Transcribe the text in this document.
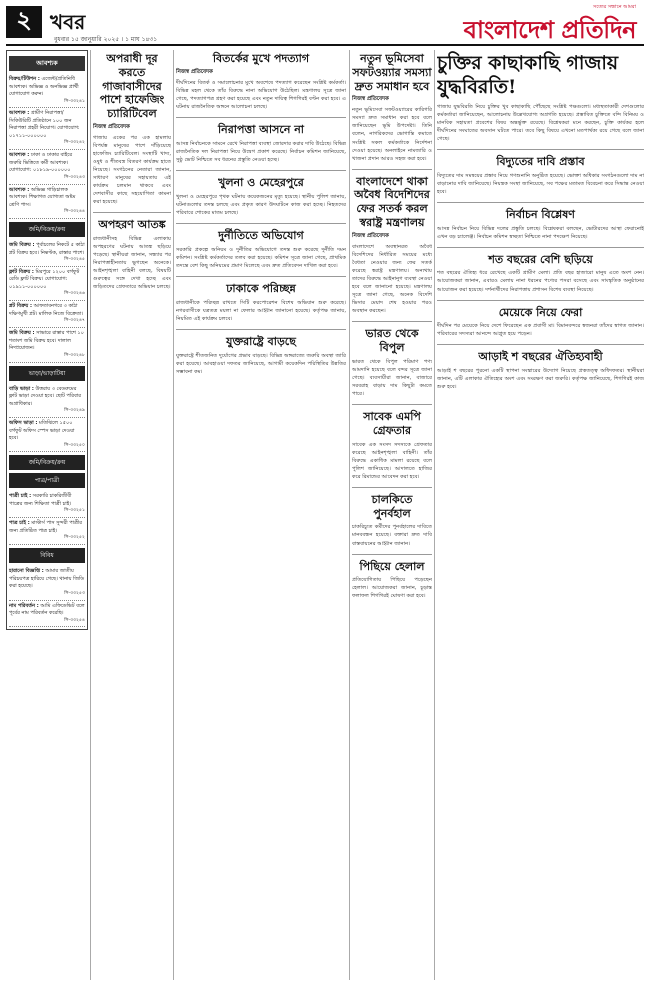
২ খবর
বুধবার ১৫ জানুয়ারি ২০২৫ । ১ মাঘ ১৪৩১
সত্যের সন্ধানে আমরা
বাংলাদেশ প্রতিদিন
আবশ্যক
বিক্রয়/টিউশন : এজেন্ট/প্রতিনিধি আবশ্যক। অভিজ্ঞ ও অনভিজ্ঞ প্রার্থী যোগাযোগ করুন।
সি-৩৩২৪১
আবশ্যক : গ্রামীণ নিরাপত্তা/সিকিউরিটি প্রতিষ্ঠানে ১০০ জন নিরাপত্তা প্রহরী নিয়োগ। যোগাযোগ: ০১৭১১-০০০০০০
সি-৩৩২৪২
আবশ্যক : ঢাকা ও ঢাকার বাইরে জরুরি ভিত্তিতে কর্মী আবশ্যক। যোগাযোগ: ০১৮১৯-০০০০০০
সি-৩৩২৪৩
আবশ্যক : অভিজ্ঞ গাড়িচালক আবশ্যক। শিক্ষাগত যোগ্যতা অষ্টম শ্রেণি পাস।
সি-৩৩২৪৪
জমি/বিক্রয়/ক্রয়
জমি বিক্রয় : পূর্বাচলের নিকটে ৫ কাঠা প্লট বিক্রয় হবে। নিষ্কণ্টক, রাস্তার পাশে।
সি-৩৩২৪৫
ফ্লাট বিক্রয় : মিরপুরে ১২০০ বর্গফুট রেডি ফ্লাট বিক্রয়। যোগাযোগ: ০১৯১১-০০০০০০
সি-৩৩২৪৬
প্লট বিক্রয় : আফতাবনগরে ৩ কাঠা দক্ষিণমুখী প্লট। মালিক নিজে বিক্রেতা।
সি-৩৩২৪৭
জমি বিক্রয় : সাভারে রাস্তার পাশে ১০ শতাংশ জমি বিক্রয় হবে। দালাল নিষ্প্রয়োজন।
সি-৩৩২৪৮
ভাড়া/ভাড়াটিয়া
বাড়ি ভাড়া : উত্তরায় ৩ বেডরুমের ফ্লাট ভাড়া দেওয়া হবে। ছোট পরিবার অগ্রাধিকার।
সি-৩৩২৪৯
অফিস ভাড়া : মতিঝিলে ১৫০০ বর্গফুট অফিস স্পেস ভাড়া দেওয়া হবে।
সি-৩৩২৫০
জমি/বিক্রয়/ক্রয়
পাত্র/পাত্রী
পাত্রী চাই : সরকারি চাকরিজীবী পাত্রের জন্য শিক্ষিতা পাত্রী চাই।
সি-৩৩২৫১
পাত্র চাই : মাস্টার্স পাস সুন্দরী পাত্রীর জন্য প্রতিষ্ঠিত পাত্র চাই।
সি-৩৩২৫২
বিবিধ
হারানো বিজ্ঞপ্তি : আমার জাতীয় পরিচয়পত্র হারিয়ে গেছে। থানায় জিডি করা হয়েছে।
সি-৩৩২৫৩
নাম পরিবর্তন : আমি এফিডেভিট বলে পূর্বের নাম পরিবর্তন করেছি।
সি-৩৩২৫৪
অপরাধী দূর করতে গাজাবাসীদের পাশে হাফেজিং চ্যারিটিবেল
নিজস্ব প্রতিবেদক
গাজায় একের পর এক হামলায় বিপর্যস্ত মানুষের পাশে দাঁড়িয়েছে হাফেজিং চ্যারিটিবেল। সংস্থাটি খাদ্য, ওষুধ ও শীতবস্ত্র বিতরণ কার্যক্রম হাতে নিয়েছে। সংগঠনের নেতারা জানান, সাধারণ মানুষের সহায়তায় এই কার্যক্রম চলমান থাকবে এবং দেশবাসীর কাছে সহযোগিতা কামনা করা হয়েছে।
অপহরণ আতঙ্ক
রাজধানীসহ বিভিন্ন এলাকায় অপহরণের ঘটনায় আতঙ্ক ছড়িয়ে পড়েছে। স্থানীয়রা জানান, সন্ধ্যার পর নিরাপত্তাহীনতায় ভুগছেন অনেকে। আইনশৃঙ্খলা বাহিনী বলছে, বিষয়টি গুরুত্বের সঙ্গে দেখা হচ্ছে এবং জড়িতদের গ্রেফতারে অভিযান চলছে।
বিতর্কের মুখে পদত্যাগ
নিজস্ব প্রতিবেদক
দীর্ঘদিনের বিতর্ক ও সমালোচনার মুখে অবশেষে পদত্যাগ করেছেন সংশ্লিষ্ট কর্মকর্তা। বিভিন্ন মহল থেকে তাঁর বিরুদ্ধে নানা অভিযোগ উঠেছিল। মন্ত্রণালয় সূত্রে জানা গেছে, পদত্যাগপত্র গ্রহণ করা হয়েছে এবং নতুন দায়িত্ব শিগগিরই বণ্টন করা হবে। এ ঘটনায় রাজনৈতিক অঙ্গনে আলোচনা চলছে।
নিরাপত্তা আসনে না
আসন্ন নির্বাচনকে সামনে রেখে নিরাপত্তা ব্যবস্থা জোরদার করার দাবি উঠেছে। বিভিন্ন রাজনৈতিক দল নিরাপত্তা নিয়ে উদ্বেগ প্রকাশ করেছে। নির্বাচন কমিশন জানিয়েছে, সুষ্ঠু ভোট নিশ্চিতে সব ধরনের প্রস্তুতি নেওয়া হচ্ছে।
খুলনা ও মেহেরপুরে
খুলনা ও মেহেরপুরে পৃথক ঘটনায় কয়েকজনের মৃত্যু হয়েছে। স্থানীয় পুলিশ জানায়, ঘটনাগুলোর তদন্ত চলছে এবং প্রকৃত কারণ উদঘাটনে কাজ করা হচ্ছে। নিহতদের পরিবারে শোকের মাতম চলছে।
দুর্নীতিতে অভিযোগ
সরকারি প্রকল্পে অনিয়ম ও দুর্নীতির অভিযোগে তদন্ত শুরু করেছে দুর্নীতি দমন কমিশন। সংশ্লিষ্ট কর্মকর্তাদের তলব করা হয়েছে। কমিশন সূত্রে জানা গেছে, প্রাথমিক তদন্তে বেশ কিছু অনিয়মের প্রমাণ মিলেছে এবং দ্রুত প্রতিবেদন দাখিল করা হবে।
ঢাকাকে পরিচ্ছন্ন
রাজধানীকে পরিচ্ছন্ন রাখতে সিটি করপোরেশন বিশেষ অভিযান শুরু করেছে। নগরবাসীকে যত্রতত্র ময়লা না ফেলার আহ্বান জানানো হয়েছে। কর্তৃপক্ষ জানায়, নিয়মিত এই কার্যক্রম চলবে।
যুক্তরাষ্ট্রে বাড়ছে
যুক্তরাষ্ট্রে শীতজনিত দুর্যোগের প্রভাব বাড়ছে। বিভিন্ন অঙ্গরাজ্যে জরুরি অবস্থা জারি করা হয়েছে। আবহাওয়া দফতর জানিয়েছে, আগামী কয়েকদিন পরিস্থিতির উন্নতির সম্ভাবনা কম।
নতুন ভূমিসেবা সফটওয়্যার সমস্যা দ্রুত সমাধান হবে
নিজস্ব প্রতিবেদক
নতুন ভূমিসেবা সফটওয়্যারের কারিগরি সমস্যা দ্রুত সমাধান করা হবে বলে জানিয়েছেন ভূমি উপদেষ্টা। তিনি বলেন, নাগরিকদের ভোগান্তি কমাতে সংশ্লিষ্ট সকল কর্মকর্তাকে নির্দেশনা দেওয়া হয়েছে। অনলাইনে নামজারি ও খাজনা প্রদান আরও সহজ করা হবে।
বাংলাদেশে থাকা অবৈধ বিদেশিদের ফের সতর্ক করল স্বরাষ্ট্র মন্ত্রণালয়
নিজস্ব প্রতিবেদক
বাংলাদেশে অবস্থানরত অবৈধ বিদেশিদের নির্ধারিত সময়ের মধ্যে বৈধতা নেওয়ার জন্য ফের সতর্ক করেছে স্বরাষ্ট্র মন্ত্রণালয়। অন্যথায় তাদের বিরুদ্ধে আইনানুগ ব্যবস্থা নেওয়া হবে বলে জানানো হয়েছে। মন্ত্রণালয় সূত্রে জানা গেছে, অনেক বিদেশি ভিসার মেয়াদ শেষ হওয়ার পরও অবস্থান করছেন।
ভারত থেকে বিপুল
ভারত থেকে বিপুল পরিমাণ পণ্য আমদানি হয়েছে বলে বন্দর সূত্রে জানা গেছে। ব্যবসায়ীরা জানান, বাজারে সরবরাহ বাড়ায় দাম কিছুটা কমতে পারে।
সাবেক এমপি গ্রেফতার
সাবেক এক সংসদ সদস্যকে গ্রেফতার করেছে আইনশৃঙ্খলা বাহিনী। তাঁর বিরুদ্ধে একাধিক মামলা রয়েছে বলে পুলিশ জানিয়েছে। আদালতে হাজির করে রিমান্ডের আবেদন করা হবে।
চালকিতে পুনর্বহাল
চাকরিচ্যুত কর্মীদের পুনর্বহালের দাবিতে মানববন্ধন হয়েছে। বক্তারা দ্রুত দাবি বাস্তবায়নের আহ্বান জানান।
পিছিয়ে হেলাল
প্রতিযোগিতায় পিছিয়ে পড়েছেন হেলাল। আয়োজকরা জানান, চূড়ান্ত ফলাফল শিগগিরই ঘোষণা করা হবে।
চুক্তির কাছাকাছি গাজায় যুদ্ধবিরতি!
গাজায় যুদ্ধবিরতি নিয়ে চুক্তির খুব কাছাকাছি পৌঁছেছে সংশ্লিষ্ট পক্ষগুলো। মধ্যস্থতাকারী দেশগুলোর কর্মকর্তারা জানিয়েছেন, আলোচনায় উল্লেখযোগ্য অগ্রগতি হয়েছে। প্রস্তাবিত চুক্তিতে বন্দি বিনিময় ও মানবিক সহায়তা প্রবেশের বিষয় অন্তর্ভুক্ত রয়েছে। বিশ্লেষকরা মনে করছেন, চুক্তি কার্যকর হলে দীর্ঘদিনের সংঘাতের অবসান ঘটতে পারে। তবে কিছু বিষয়ে এখনো মতপার্থক্য রয়ে গেছে বলে জানা গেছে।
বিদ্যুতের দাবি প্রস্তাব
বিদ্যুতের দাম সমন্বয়ের প্রস্তাব নিয়ে গণশুনানি অনুষ্ঠিত হয়েছে। ভোক্তা অধিকার সংগঠনগুলো দাম না বাড়ানোর দাবি জানিয়েছে। নিয়ন্ত্রক সংস্থা জানিয়েছে, সব পক্ষের মতামত বিবেচনা করে সিদ্ধান্ত নেওয়া হবে।
নির্বাচন বিশ্লেষণ
আসন্ন নির্বাচন নিয়ে বিভিন্ন দলের প্রস্তুতি চলছে। বিশ্লেষকরা বলছেন, ভোটারদের আস্থা ফেরানোই এখন বড় চ্যালেঞ্জ। নির্বাচন কমিশন স্বচ্ছতা নিশ্চিতে নানা পদক্ষেপ নিয়েছে।
শত বছরের বেশি ছড়িয়ে
শত বছরের ঐতিহ্য ধরে রেখেছে একটি গ্রামীণ মেলা। প্রতি বছর হাজারো মানুষ এতে অংশ নেন। আয়োজকরা জানান, এবারও মেলায় নানা ধরনের পণ্যের পসরা বসেছে এবং সাংস্কৃতিক অনুষ্ঠানের আয়োজন করা হয়েছে। দর্শনার্থীদের নিরাপত্তায় প্রশাসন বিশেষ ব্যবস্থা নিয়েছে।
মেয়েকে নিয়ে ফেরা
দীর্ঘদিন পর মেয়েকে নিয়ে দেশে ফিরেছেন এক প্রবাসী মা। বিমানবন্দরে স্বজনরা তাঁদের স্বাগত জানান। পরিবারের সদস্যরা আনন্দে আপ্লুত হয়ে পড়েন।
আড়াই শ বছরের ঐতিহ্যবাহী
আড়াই শ বছরের পুরনো একটি স্থাপনা সংস্কারের উদ্যোগ নিয়েছে প্রত্নতত্ত্ব অধিদফতর। স্থানীয়রা জানান, এটি এলাকার ঐতিহ্যের অংশ এবং সংরক্ষণ করা জরুরি। কর্তৃপক্ষ জানিয়েছে, শিগগিরই কাজ শুরু হবে।
